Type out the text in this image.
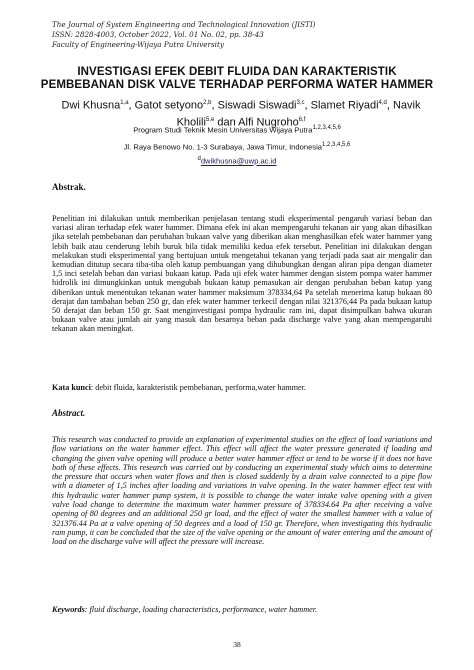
The Journal of System Engineering and Technological Innovation (JISTI)
ISSN: 2828-4003, October 2022, Vol. 01 No. 02, pp. 38-43
Faculty of Engineering-Wijaya Putra University
INVESTIGASI EFEK DEBIT FLUIDA DAN KARAKTERISTIK
PEMBEBANAN DISK VALVE TERHADAP PERFORMA WATER HAMMER
Dwi Khusna$^{1,a}$, Gatot setyono$^{2,b}$, Siswadi Siswadi$^{3,c}$, Slamet Riyadi$^{4,d}$, Navik Kholili$^{5,e}$ dan Alfi Nugroho$^{6,f}$
Program Studi Teknik Mesin Universitas Wijaya Putra$^{1,2,3,4,5,6}$
Jl. Raya Benowo No. 1-3 Surabaya, Jawa Timur, Indonesia$^{1,2,3,4,5,6}$
$^d$dwikhusna@uwp.ac.id
Abstrak.
Penelitian ini dilakukan untuk memberikan penjelasan tentang studi eksperimental pengaruh variasi beban dan variasi aliran terhadap efek water hammer. Dimana efek ini akan mempengaruhi tekanan air yang akan dihasilkan jika setelah pembebanan dan perubahan bukaan valve yang diberikan akan menghasilkan efek water hammer yang lebih baik atau cenderung lebih buruk bila tidak memiliki kedua efek tersebut. Penelitian ini dilakukan dengan melakukan studi eksperimental yang bertujuan untuk mengetahui tekanan yang terjadi pada saat air mengalir dan kemudian ditutup secara tiba-tiba oleh katup pembuangan yang dihubungkan dengan aliran pipa dengan diameter 1,5 inci setelah beban dan variasi bukaan katup. Pada uji efek water hammer dengan sistem pompa water hammer hidrolik ini dimungkinkan untuk mengubah bukaan katup pemasukan air dengan perubahan beban katup yang diberikan untuk menentukan tekanan water hammer maksimum 378334,64 Pa setelah menerima katup bukaan 80 derajat dan tambahan beban 250 gr, dan efek water hammer terkecil dengan nilai 321376,44 Pa pada bukaan katup 50 derajat dan beban 150 gr. Saat menginvestigasi pompa hydraulic ram ini, dapat disimpulkan bahwa ukuran bukaan valve atau jumlah air yang masuk dan besarnya beban pada discharge valve yang akan mempengaruhi tekanan akan meningkat.
Kata kunci: debit fluida, karakteristik pembebanan, performa,water hammer.
Abstract.
This research was conducted to provide an explanation of experimental studies on the effect of load variations and flow variations on the water hammer effect. This effect will affect the water pressure generated if loading and changing the given valve opening will produce a better water hammer effect or tend to be worse if it does not have both of these effects. This research was carried out by conducting an experimental study which aims to determine the pressure that occurs when water flows and then is closed suddenly by a drain valve connected to a pipe flow with a diameter of 1,5 inches after loading and variations in valve opening. In the water hammer effect test with this hydraulic water hammer pump system, it is possible to change the water intake valve opening with a given valve load change to determine the maximum water hammer pressure of 378334.64 Pa after receiving a valve opening of 80 degrees and an additional 250 gr load, and the effect of water the smallest hammer with a value of 321376.44 Pa at a valve opening of 50 degrees and a load of 150 gr. Therefore, when investigating this hydraulic ram pump, it can be concluded that the size of the valve opening or the amount of water entering and the amount of load on the discharge valve will affect the pressure will increase.
Keywords: fluid discharge, loading characteristics, performance, water hammer.
38
